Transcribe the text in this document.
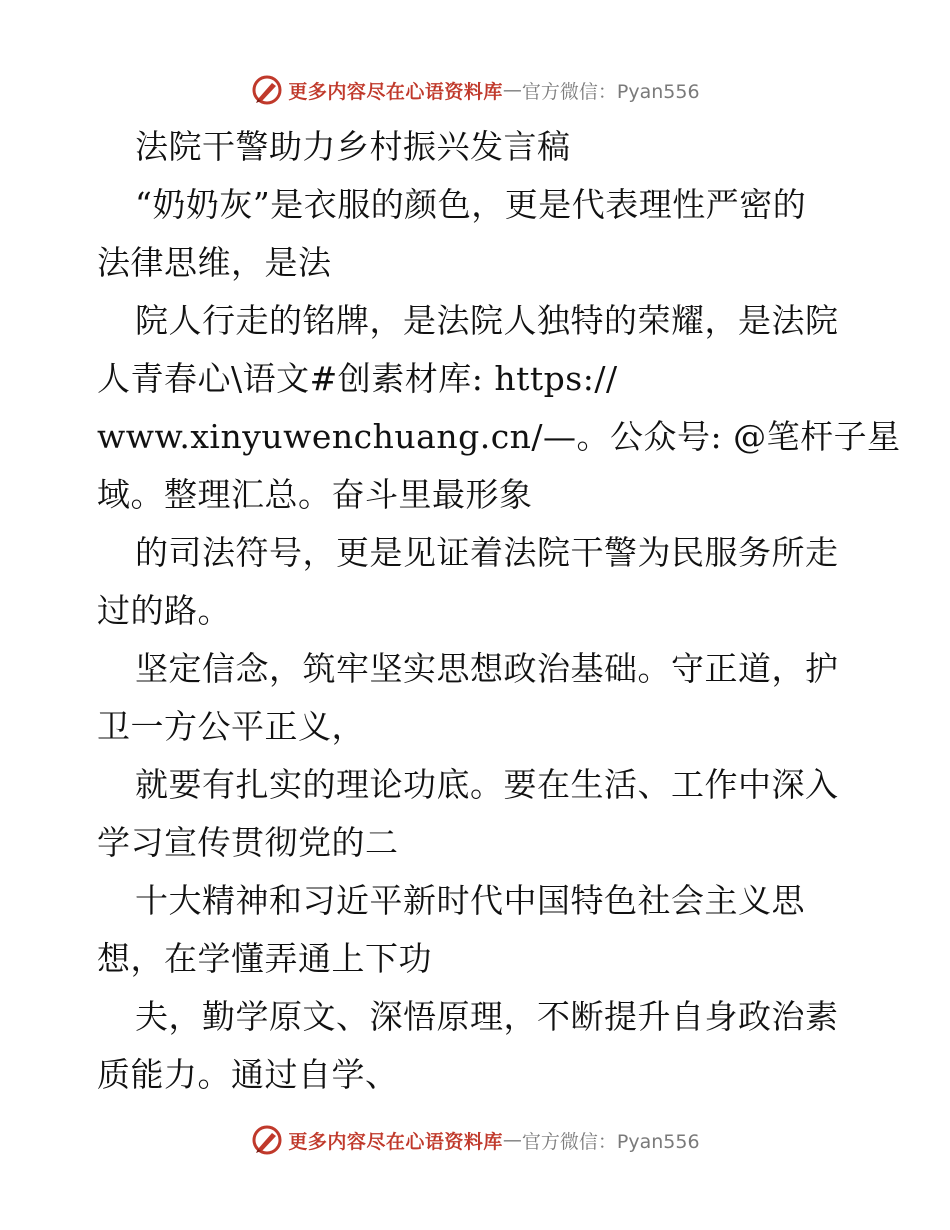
更多内容尽在心语资料库 — 官方微信：Pyan556
法院干警助力乡村振兴发言稿
“奶奶灰”是衣服的颜色，更是代表理性严密的
法律思维，是法
院人行走的铭牌，是法院人独特的荣耀，是法院
人青春心\语文#创素材库: https://
www.xinyuwenchuang.cn/—。公众号: @笔杆子星
域。整理汇总。奋斗里最形象
的司法符号，更是见证着法院干警为民服务所走
过的路。
坚定信念，筑牢坚实思想政治基础。守正道，护
卫一方公平正义，
就要有扎实的理论功底。要在生活、工作中深入
学习宣传贯彻党的二
十大精神和习近平新时代中国特色社会主义思
想，在学懂弄通上下功
夫，勤学原文、深悟原理，不断提升自身政治素
质能力。通过自学、
更多内容尽在心语资料库 — 官方微信：Pyan556
